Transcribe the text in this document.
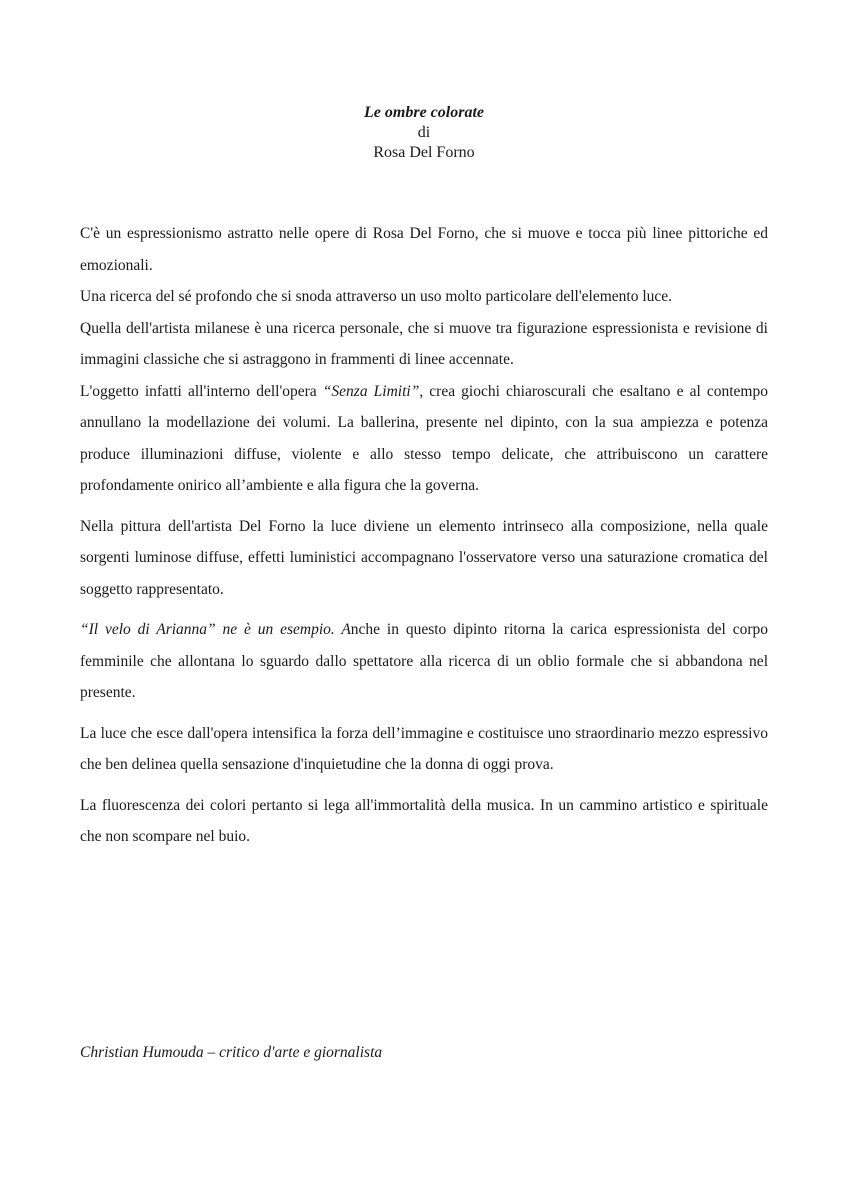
Le ombre colorate
di
Rosa Del Forno

C'è un espressionismo astratto nelle opere di Rosa Del Forno, che si muove e tocca più linee pittoriche ed emozionali.

Una ricerca del sé profondo che si snoda attraverso un uso molto particolare dell'elemento luce.

Quella dell'artista milanese è una ricerca personale, che si muove tra figurazione espressionista e revisione di immagini classiche che si astraggono in frammenti di linee accennate.

L'oggetto infatti all'interno dell'opera “Senza Limiti”, crea giochi chiaroscurali che esaltano e al contempo annullano la modellazione dei volumi. La ballerina, presente nel dipinto, con la sua ampiezza e potenza produce illuminazioni diffuse, violente e allo stesso tempo delicate, che attribuiscono un carattere profondamente onirico all’ambiente e alla figura che la governa.

Nella pittura dell'artista Del Forno la luce diviene un elemento intrinseco alla composizione, nella quale sorgenti luminose diffuse, effetti luministici accompagnano l'osservatore verso una saturazione cromatica del soggetto rappresentato.

“Il velo di Arianna” ne è un esempio. Anche in questo dipinto ritorna la carica espressionista del corpo femminile che allontana lo sguardo dallo spettatore alla ricerca di un oblio formale che si abbandona nel presente.

La luce che esce dall'opera intensifica la forza dell’immagine e costituisce uno straordinario mezzo espressivo che ben delinea quella sensazione d'inquietudine che la donna di oggi prova.

La fluorescenza dei colori pertanto si lega all'immortalità della musica. In un cammino artistico e spirituale che non scompare nel buio.

Christian Humouda – critico d'arte e giornalista
